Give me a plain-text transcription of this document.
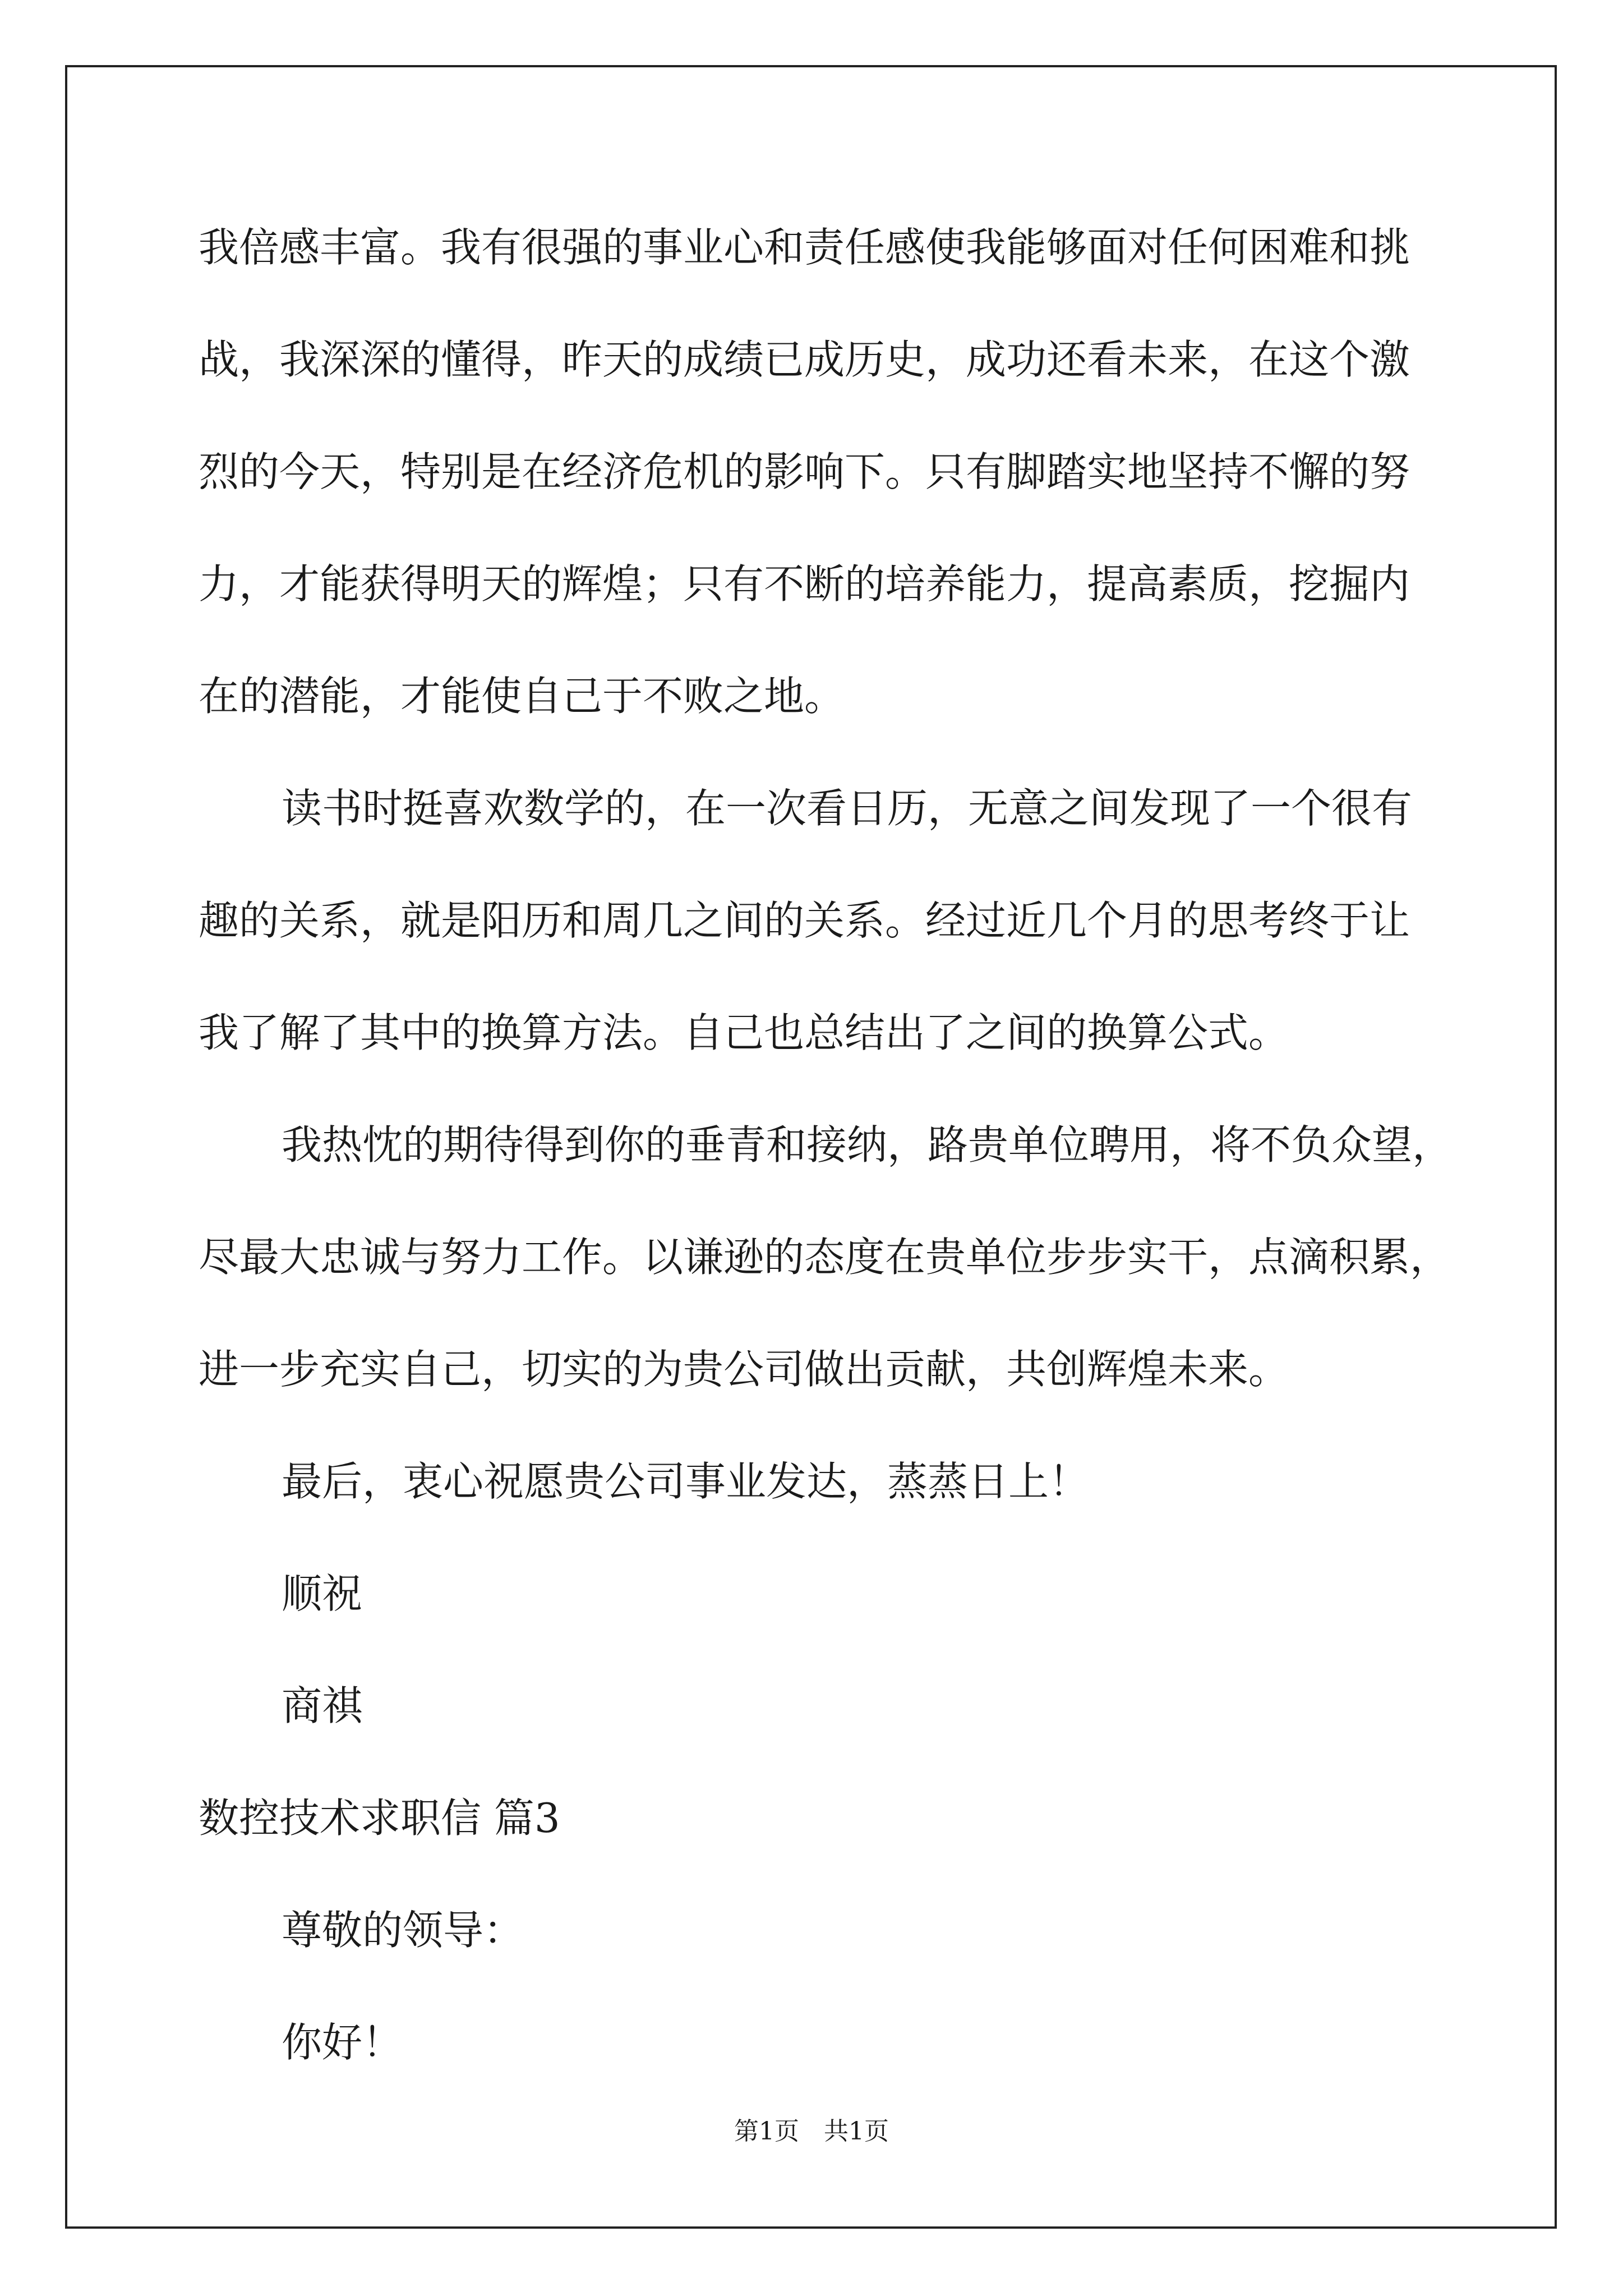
我倍感丰富。我有很强的事业心和责任感使我能够面对任何困难和挑
战，我深深的懂得，昨天的成绩已成历史，成功还看未来，在这个激
烈的今天，特别是在经济危机的影响下。只有脚踏实地坚持不懈的努
力，才能获得明天的辉煌；只有不断的培养能力，提高素质，挖掘内
在的潜能，才能使自己于不败之地。
读书时挺喜欢数学的，在一次看日历，无意之间发现了一个很有
趣的关系，就是阳历和周几之间的关系。经过近几个月的思考终于让
我了解了其中的换算方法。自己也总结出了之间的换算公式。
我热忱的期待得到你的垂青和接纳，路贵单位聘用，将不负众望，
尽最大忠诚与努力工作。以谦逊的态度在贵单位步步实干，点滴积累，
进一步充实自己，切实的为贵公司做出贡献，共创辉煌未来。
最后，衷心祝愿贵公司事业发达，蒸蒸日上！
顺祝
商祺
数控技术求职信 篇3
尊敬的领导：
你好！
第1页　共1页
